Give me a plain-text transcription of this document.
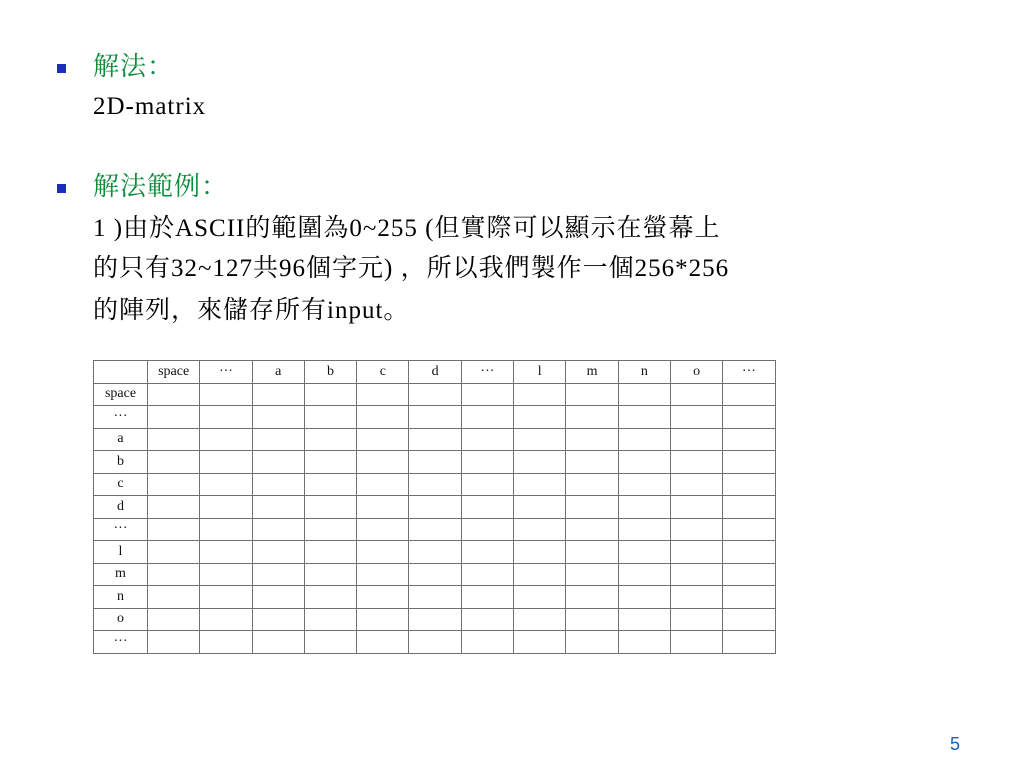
解法：
2D-matrix
解法範例：
1 )由於ASCII的範圍為0~255 (但實際可以顯示在螢幕上
的只有32~127共96個字元) ，所以我們製作一個256*256
的陣列，來儲存所有input。
	space	···	a	b	c	d	···	l	m	n	o	···
space												
···												
a												
b												
c												
d												
···												
l												
m												
n												
o												
···												
5
